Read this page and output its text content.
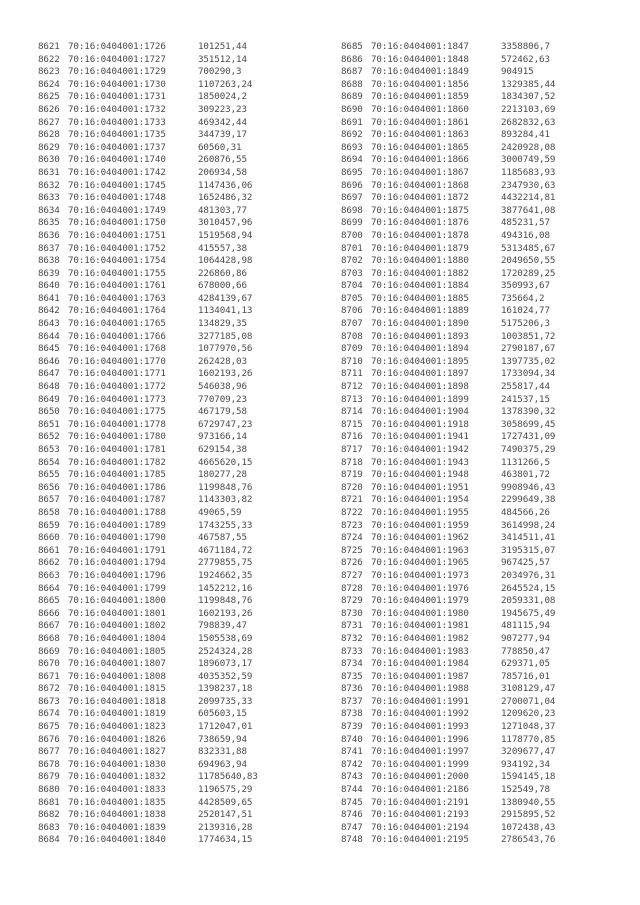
8621 70:16:0404001:1726	101251,44
8622 70:16:0404001:1727	351512,14
8623 70:16:0404001:1729	700290,3
8624 70:16:0404001:1730	1107263,24
8625 70:16:0404001:1731	1850024,2
8626 70:16:0404001:1732	309223,23
8627 70:16:0404001:1733	469342,44
8628 70:16:0404001:1735	344739,17
8629 70:16:0404001:1737	60560,31
8630 70:16:0404001:1740	260876,55
8631 70:16:0404001:1742	206934,58
8632 70:16:0404001:1745	1147436,06
8633 70:16:0404001:1748	1652486,32
8634 70:16:0404001:1749	481303,77
8635 70:16:0404001:1750	3010457,96
8636 70:16:0404001:1751	1519568,94
8637 70:16:0404001:1752	415557,38
8638 70:16:0404001:1754	1064428,98
8639 70:16:0404001:1755	226860,86
8640 70:16:0404001:1761	678000,66
8641 70:16:0404001:1763	4284139,67
8642 70:16:0404001:1764	1134041,13
8643 70:16:0404001:1765	134829,35
8644 70:16:0404001:1766	3277185,08
8645 70:16:0404001:1768	1077970,56
8646 70:16:0404001:1770	262428,03
8647 70:16:0404001:1771	1602193,26
8648 70:16:0404001:1772	546038,96
8649 70:16:0404001:1773	770709,23
8650 70:16:0404001:1775	467179,58
8651 70:16:0404001:1778	6729747,23
8652 70:16:0404001:1780	973166,14
8653 70:16:0404001:1781	629154,38
8654 70:16:0404001:1782	4665620,15
8655 70:16:0404001:1785	180277,28
8656 70:16:0404001:1786	1199848,76
8657 70:16:0404001:1787	1143303,82
8658 70:16:0404001:1788	49065,59
8659 70:16:0404001:1789	1743255,33
8660 70:16:0404001:1790	467587,55
8661 70:16:0404001:1791	4671184,72
8662 70:16:0404001:1794	2779855,75
8663 70:16:0404001:1796	1924662,35
8664 70:16:0404001:1799	1452212,16
8665 70:16:0404001:1800	1199848,76
8666 70:16:0404001:1801	1602193,26
8667 70:16:0404001:1802	798839,47
8668 70:16:0404001:1804	1505538,69
8669 70:16:0404001:1805	2524324,28
8670 70:16:0404001:1807	1896073,17
8671 70:16:0404001:1808	4035352,59
8672 70:16:0404001:1815	1398237,18
8673 70:16:0404001:1818	2099735,33
8674 70:16:0404001:1819	605603,15
8675 70:16:0404001:1823	1712047,01
8676 70:16:0404001:1826	738659,94
8677 70:16:0404001:1827	832331,88
8678 70:16:0404001:1830	694963,94
8679 70:16:0404001:1832	11785640,83
8680 70:16:0404001:1833	1196575,29
8681 70:16:0404001:1835	4428509,65
8682 70:16:0404001:1838	2520147,51
8683 70:16:0404001:1839	2139316,28
8684 70:16:0404001:1840	1774634,15
8685 70:16:0404001:1847	3358806,7
8686 70:16:0404001:1848	572462,63
8687 70:16:0404001:1849	904915
8688 70:16:0404001:1856	1329385,44
8689 70:16:0404001:1859	1834307,52
8690 70:16:0404001:1860	2213103,69
8691 70:16:0404001:1861	2682832,63
8692 70:16:0404001:1863	893284,41
8693 70:16:0404001:1865	2420928,08
8694 70:16:0404001:1866	3000749,59
8695 70:16:0404001:1867	1185683,93
8696 70:16:0404001:1868	2347930,63
8697 70:16:0404001:1872	4432214,81
8698 70:16:0404001:1875	3877641,08
8699 70:16:0404001:1876	485231,57
8700 70:16:0404001:1878	494316,08
8701 70:16:0404001:1879	5313485,67
8702 70:16:0404001:1880	2049650,55
8703 70:16:0404001:1882	1720289,25
8704 70:16:0404001:1884	350993,67
8705 70:16:0404001:1885	735664,2
8706 70:16:0404001:1889	161024,77
8707 70:16:0404001:1890	5175206,3
8708 70:16:0404001:1893	1003851,72
8709 70:16:0404001:1894	2790187,67
8710 70:16:0404001:1895	1397735,02
8711 70:16:0404001:1897	1733094,34
8712 70:16:0404001:1898	255817,44
8713 70:16:0404001:1899	241537,15
8714 70:16:0404001:1904	1378390,32
8715 70:16:0404001:1918	3058699,45
8716 70:16:0404001:1941	1727431,09
8717 70:16:0404001:1942	7490375,29
8718 70:16:0404001:1943	1131266,5
8719 70:16:0404001:1948	463801,72
8720 70:16:0404001:1951	9908946,43
8721 70:16:0404001:1954	2299649,38
8722 70:16:0404001:1955	484566,26
8723 70:16:0404001:1959	3614998,24
8724 70:16:0404001:1962	3414511,41
8725 70:16:0404001:1963	3195315,07
8726 70:16:0404001:1965	967425,57
8727 70:16:0404001:1973	2034976,31
8728 70:16:0404001:1976	2645524,15
8729 70:16:0404001:1979	2059331,08
8730 70:16:0404001:1980	1945675,49
8731 70:16:0404001:1981	481115,94
8732 70:16:0404001:1982	907277,94
8733 70:16:0404001:1983	778850,47
8734 70:16:0404001:1984	629371,05
8735 70:16:0404001:1987	785716,01
8736 70:16:0404001:1988	3108129,47
8737 70:16:0404001:1991	2700071,04
8738 70:16:0404001:1992	1209620,23
8739 70:16:0404001:1993	1271048,37
8740 70:16:0404001:1996	1178770,85
8741 70:16:0404001:1997	3209677,47
8742 70:16:0404001:1999	934192,34
8743 70:16:0404001:2000	1594145,18
8744 70:16:0404001:2186	152549,78
8745 70:16:0404001:2191	1380940,55
8746 70:16:0404001:2193	2915895,52
8747 70:16:0404001:2194	1072438,43
8748 70:16:0404001:2195	2786543,76
